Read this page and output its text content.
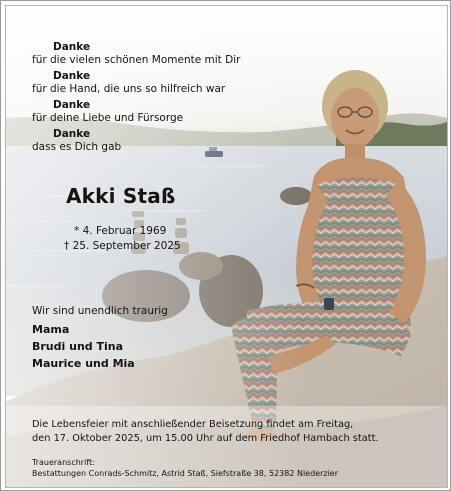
Danke
für die vielen schönen Momente mit Dir
Danke
für die Hand, die uns so hilfreich war
Danke
für deine Liebe und Fürsorge
Danke
dass es Dich gab
Akki Staß
* 4. Februar 1969
† 25. September 2025
Wir sind unendlich traurig
Mama
Brudi und Tina
Maurice und Mia
Die Lebensfeier mit anschließender Beisetzung findet am Freitag,
den 17. Oktober 2025, um 15.00 Uhr auf dem Friedhof Hambach statt.
Traueranschrift:
Bestattungen Conrads-Schmitz, Astrid Staß, Siefstraße 38, 52382 Niederzier
